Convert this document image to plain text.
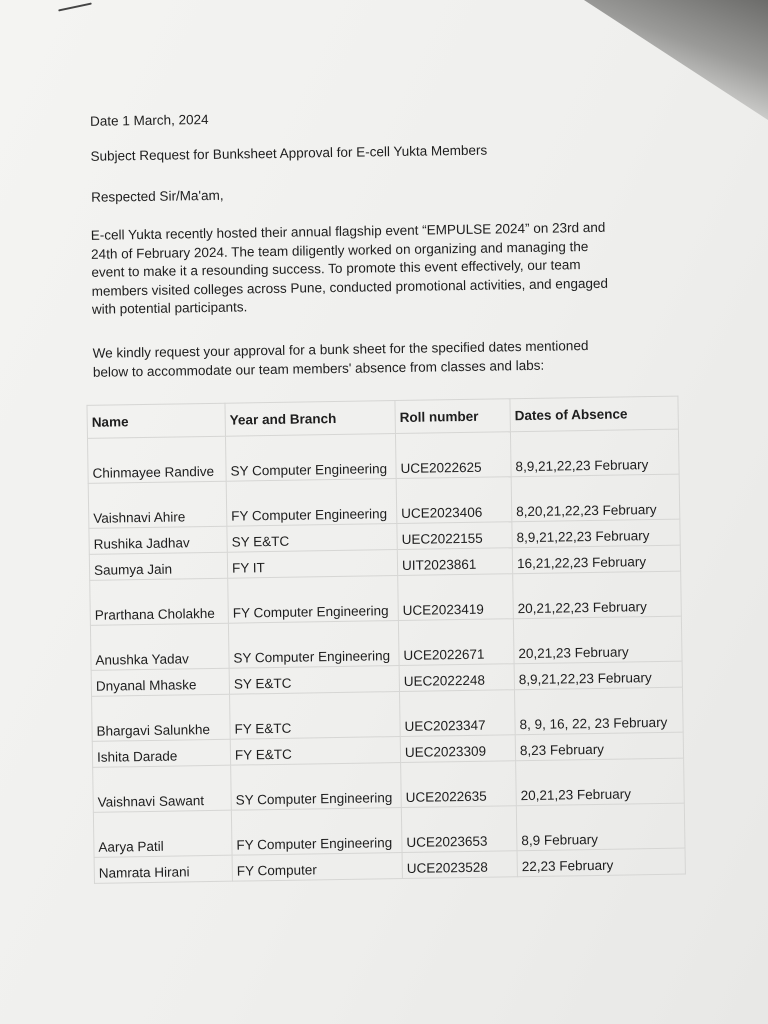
Date 1 March, 2024
Subject Request for Bunksheet Approval for E-cell Yukta Members
Respected Sir/Ma'am,
E-cell Yukta recently hosted their annual flagship event “EMPULSE 2024” on 23rd and
24th of February 2024. The team diligently worked on organizing and managing the
event to make it a resounding success. To promote this event effectively, our team
members visited colleges across Pune, conducted promotional activities, and engaged
with potential participants.
We kindly request your approval for a bunk sheet for the specified dates mentioned
below to accommodate our team members' absence from classes and labs:
Name	Year and Branch	Roll number	Dates of Absence
Chinmayee Randive	SY Computer Engineering	UCE2022625	8,9,21,22,23 February
Vaishnavi Ahire	FY Computer Engineering	UCE2023406	8,20,21,22,23 February
Rushika Jadhav	SY E&TC	UEC2022155	8,9,21,22,23 February
Saumya Jain	FY IT	UIT2023861	16,21,22,23 February
Prarthana Cholakhe	FY Computer Engineering	UCE2023419	20,21,22,23 February
Anushka Yadav	SY Computer Engineering	UCE2022671	20,21,23 February
Dnyanal Mhaske	SY E&TC	UEC2022248	8,9,21,22,23 February
Bhargavi Salunkhe	FY E&TC	UEC2023347	8, 9, 16, 22, 23 February
Ishita Darade	FY E&TC	UEC2023309	8,23 February
Vaishnavi Sawant	SY Computer Engineering	UCE2022635	20,21,23 February
Aarya Patil	FY Computer Engineering	UCE2023653	8,9 February
Namrata Hirani	FY Computer	UCE2023528	22,23 February
